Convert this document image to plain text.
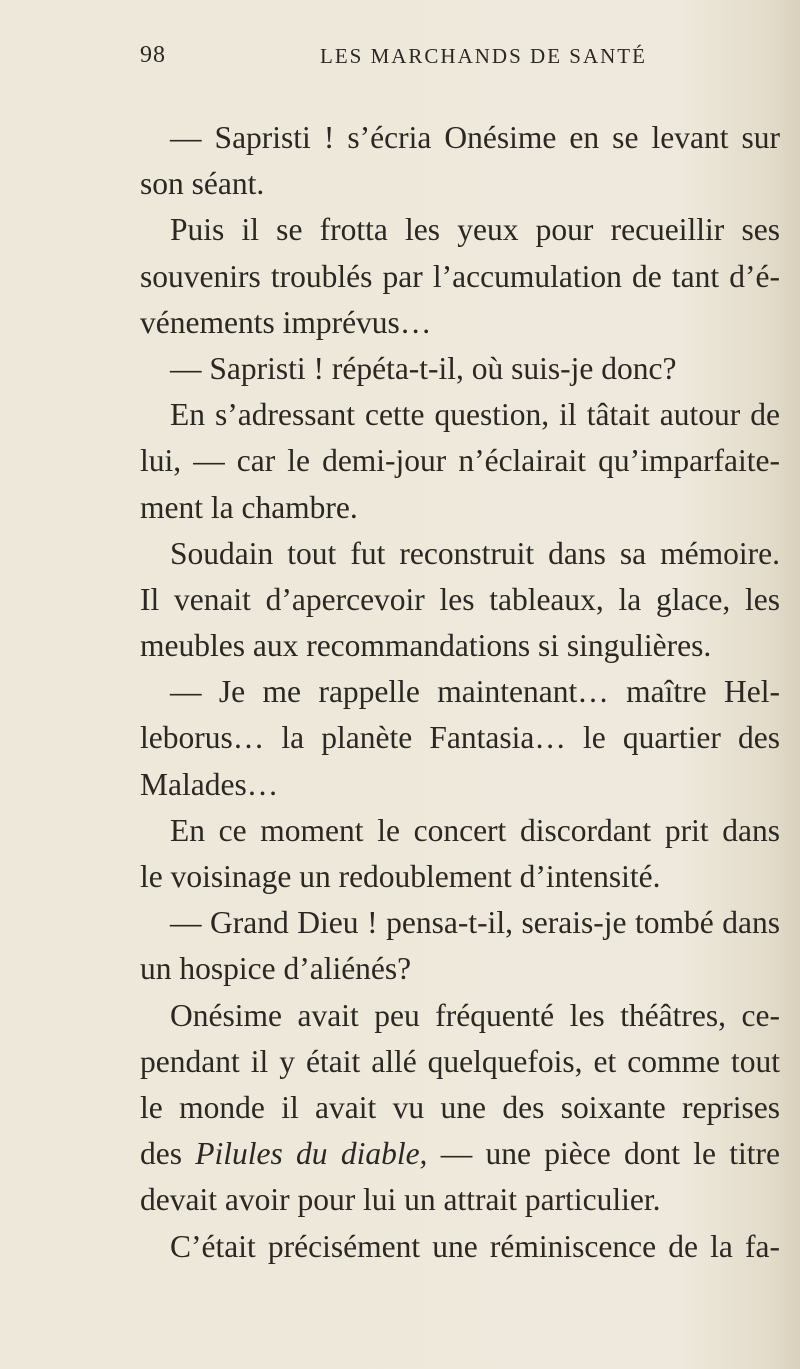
98	LES MARCHANDS DE SANTÉ
— Sapristi ! s’écria Onésime en se levant sur
son séant.
Puis il se frotta les yeux pour recueillir ses
souvenirs troublés par l’accumulation de tant d’é-
vénements imprévus…
— Sapristi ! répéta-t-il, où suis-je donc?
En s’adressant cette question, il tâtait autour de
lui, — car le demi-jour n’éclairait qu’imparfaite-
ment la chambre.
Soudain tout fut reconstruit dans sa mémoire.
Il venait d’apercevoir les tableaux, la glace, les
meubles aux recommandations si singulières.
— Je me rappelle maintenant… maître Hel-
leborus… la planète Fantasia… le quartier des
Malades…
En ce moment le concert discordant prit dans
le voisinage un redoublement d’intensité.
— Grand Dieu ! pensa-t-il, serais-je tombé dans
un hospice d’aliénés?
Onésime avait peu fréquenté les théâtres, ce-
pendant il y était allé quelquefois, et comme tout
le monde il avait vu une des soixante reprises
des Pilules du diable, — une pièce dont le titre
devait avoir pour lui un attrait particulier.
C’était précisément une réminiscence de la fa-
